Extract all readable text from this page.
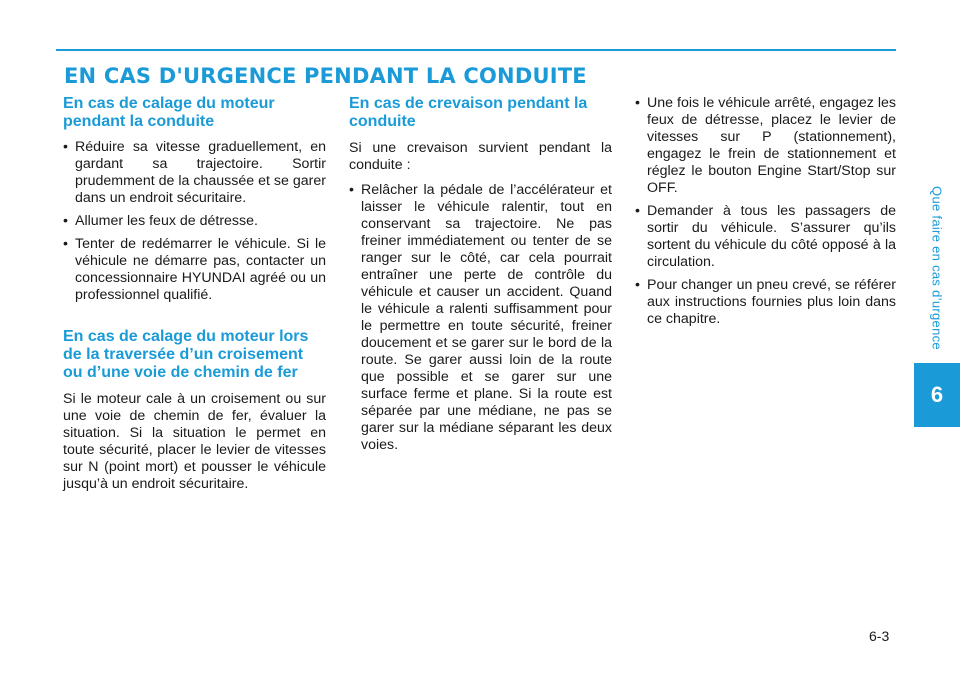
EN CAS D'URGENCE PENDANT LA CONDUITE
En cas de calage du moteur pendant la conduite
• Réduire sa vitesse graduellement, en gardant sa trajectoire. Sortir prudemment de la chaussée et se garer dans un endroit sécuritaire.
• Allumer les feux de détresse.
• Tenter de redémarrer le véhicule. Si le véhicule ne démarre pas, contacter un concessionnaire HYUNDAI agréé ou un professionnel qualifié.
En cas de calage du moteur lors de la traversée d’un croisement ou d’une voie de chemin de fer

Si le moteur cale à un croisement ou sur une voie de chemin de fer, évaluer la situation. Si la situation le permet en toute sécurité, placer le levier de vitesses sur N (point mort) et pousser le véhicule jusqu’à un endroit sécuritaire.

En cas de crevaison pendant la conduite

Si une crevaison survient pendant la conduite :

• Relâcher la pédale de l’accélérateur et laisser le véhicule ralentir, tout en conservant sa trajectoire. Ne pas freiner immédiatement ou tenter de se ranger sur le côté, car cela pourrait entraîner une perte de contrôle du véhicule et causer un accident. Quand le véhicule a ralenti suffisamment pour le permettre en toute sécurité, freiner doucement et se garer sur le bord de la route. Se garer aussi loin de la route que possible et se garer sur une surface ferme et plane. Si la route est séparée par une médiane, ne pas se garer sur la médiane séparant les deux voies.
• Une fois le véhicule arrêté, engagez les feux de détresse, placez le levier de vitesses sur P (stationnement), engagez le frein de stationnement et réglez le bouton Engine Start/Stop sur OFF.
• Demander à tous les passagers de sortir du véhicule. S’assurer qu’ils sortent du véhicule du côté opposé à la circulation.
• Pour changer un pneu crevé, se référer aux instructions fournies plus loin dans ce chapitre.	Que faire en cas d’urgence
6
6-3
